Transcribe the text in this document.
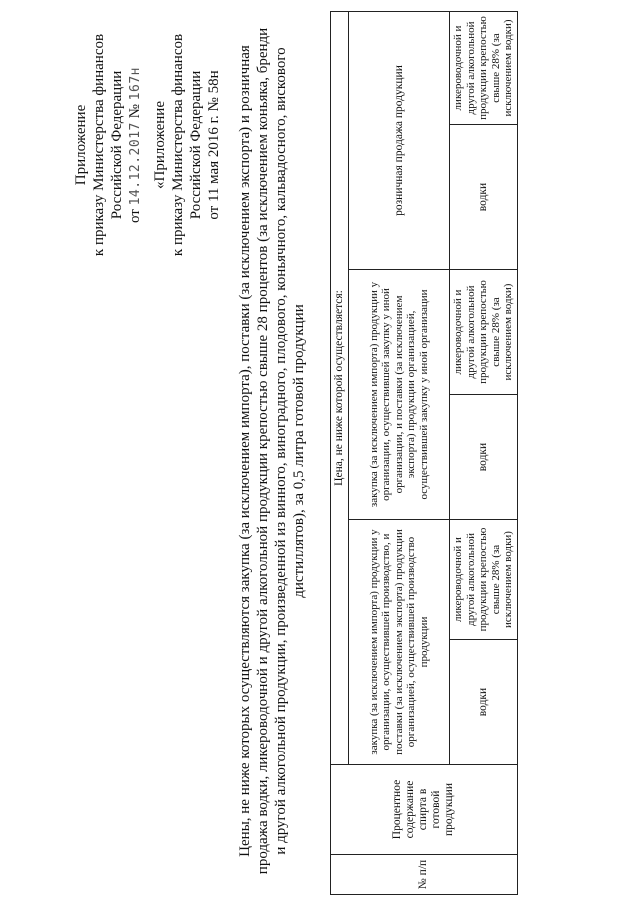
Приложение к приказу Министерства финансов Российской Федерации от 14.12.2017 № 167н
«Приложение к приказу Министерства финансов Российской Федерации от 11 мая 2016 г. № 58н Цены, не ниже которых осуществляются закупка (за исключением импорта), поставки (за исключением экспорта) и розничная продажа водки, ликероводочной и другой алкогольной продукции крепостью свыше 28 процентов (за исключением коньяка, бренди и другой алкогольной продукции, произведенной из винного, виноградного, плодового, коньячного, кальвадосного, вискового дистиллятов), за 0,5 литра готовой продукции
№ п/п	Процентное содержание спирта в готовой продукции	Цена, не ниже которой осуществляется:					
		закупка (за исключением импорта) продукции у организации, осуществившей производство, и поставки (за исключением экспорта) продукции организацией, осуществившей производство продукции		закупка (за исключением импорта) продукции у организации, осуществившей закупку у иной организации, и поставки (за исключением экспорта) продукции организацией, осуществившей закупку у иной организации		розничная продажа продукции	
		водки	ликероводочной и другой алкогольной продукции крепостью свыше 28% (за исключением водки)	водки	ликероводочной и другой алкогольной продукции крепостью свыше 28% (за исключением водки)	водки	ликероводочной и другой алкогольной продукции крепостью свыше 28% (за исключением водки)
